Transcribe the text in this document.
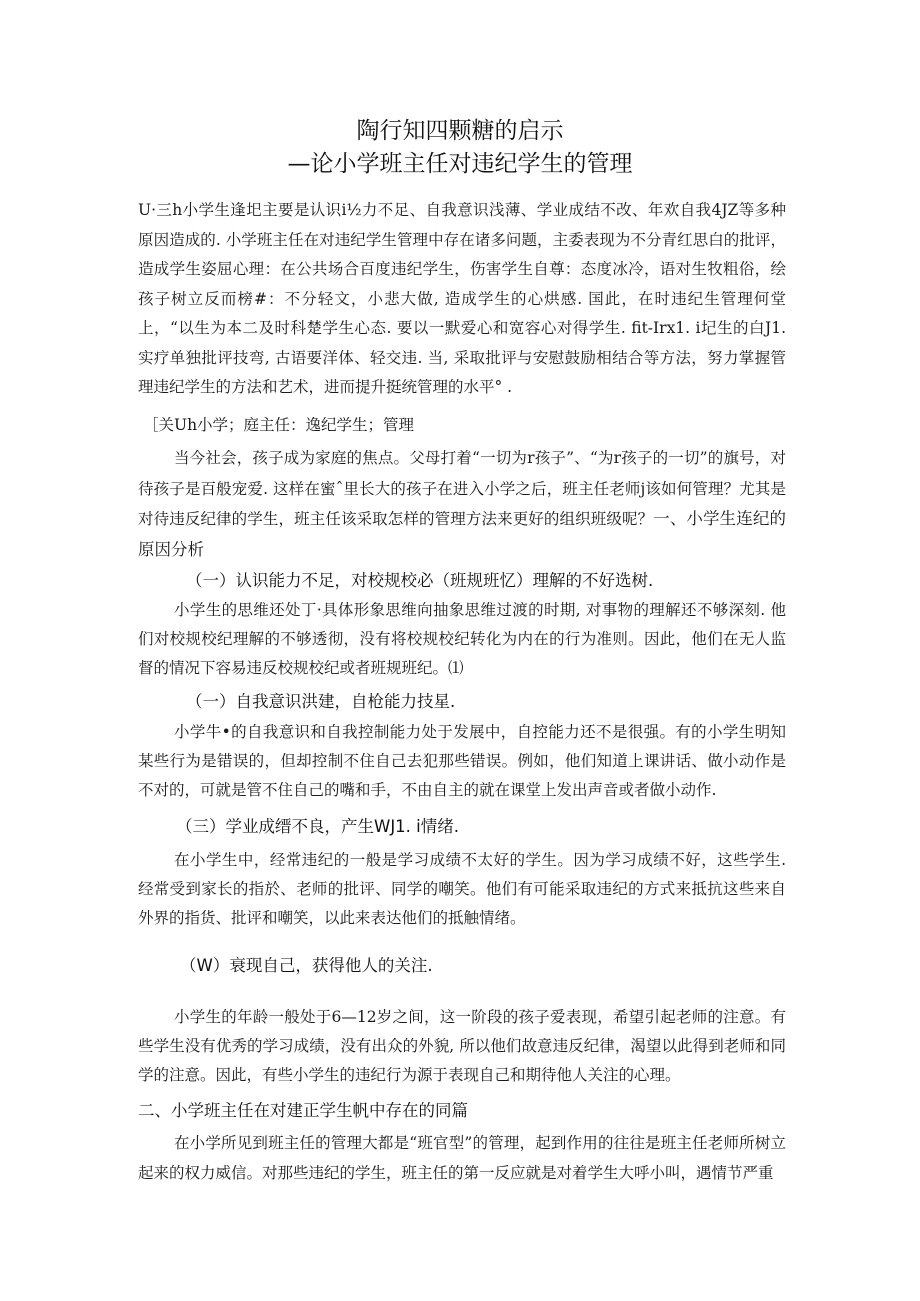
陶行知四颗糖的启示
—论小学班主任对违纪学生的管理
U·三h小学生逢圯主要是认识i½力不足、自我意识浅薄、学业成结不改、年欢自我4JZ等多种原因造成的. 小学班主任在对违纪学生管理中存在诸多问题，主委表现为不分青红思白的批评，造成学生姿屈心理：在公共场合百度违纪学生，伤害学生自尊：态度冰冷，语对生牧粗俗，绘孩子树立反而榜#：不分轻文，小悲大做, 造成学生的心烘感. 国此，在时违纪生管理何堂上，“以生为本二及时科楚学生心态. 要以一默爱心和宽容心对得学生. fit-Irx1. i圮生的白J1. 实疗单独批评技弯, 古语要洋体、轻交违. 当, 采取批评与安慰鼓励相结合等方法，努力掌握管理违纪学生的方法和艺术，进而提升挺统管理的水平° .
［关Uh小学；庭主任：逸纪学生；管理
当今社会，孩子成为家庭的焦点。父母打着“一切为r孩子”、“为r孩子的一切”的旗号，对待孩子是百般宠爱. 这样在蜜ˆ里长大的孩子在进入小学之后，班主任老师j该如何管理？尤其是对待违反纪律的学生，班主任该采取怎样的管理方法来更好的组织班级呢？一、小学生连纪的原因分析
（一）认识能力不足，对校规校必（班规班忆）理解的不好选树.
小学生的思维还处丁·具体形象思维向抽象思维过渡的时期, 对事物的理解还不够深刻. 他们对校规校纪理解的不够透彻，没有将校规校纪转化为内在的行为准则。因此，他们在无人监督的情况下容易违反校规校纪或者班规班纪。⑴
（一）自我意识洪建，自枪能力技星.
小学牛•的自我意识和自我控制能力处于发展中，自控能力还不是很强。有的小学生明知某些行为是错误的，但却控制不住自己去犯那些错误。例如，他们知道上课讲话、做小动作是不对的，可就是管不住自己的嘴和手，不由自主的就在课堂上发出声音或者做小动作.
（三）学业成缙不良，产生WJ1. i情绪.
在小学生中，经常违纪的一般是学习成绩不太好的学生。因为学习成绩不好，这些学生. 经常受到家长的指於、老师的批评、同学的嘲笑。他们有可能采取违纪的方式来抵抗这些来自外界的指货、批评和嘲笑，以此来表达他们的抵触情绪。
（W）衰现自己，获得他人的关注.
小学生的年龄一般处于6—12岁之间，这一阶段的孩子爱表现，希望引起老师的注意。有些学生没有优秀的学习成绩，没有出众的外貌, 所以他们故意违反纪律，渴望以此得到老师和同学的注意。因此，有些小学生的违纪行为源于表现自己和期待他人关注的心理。
二、小学班主任在对建正学生帆中存在的同篇
在小学所见到班主任的管理大都是“班官型”的管理，起到作用的往往是班主任老师所树立起来的权力威信。对那些违纪的学生，班主任的第一反应就是对着学生大呼小叫，遇情节严重
